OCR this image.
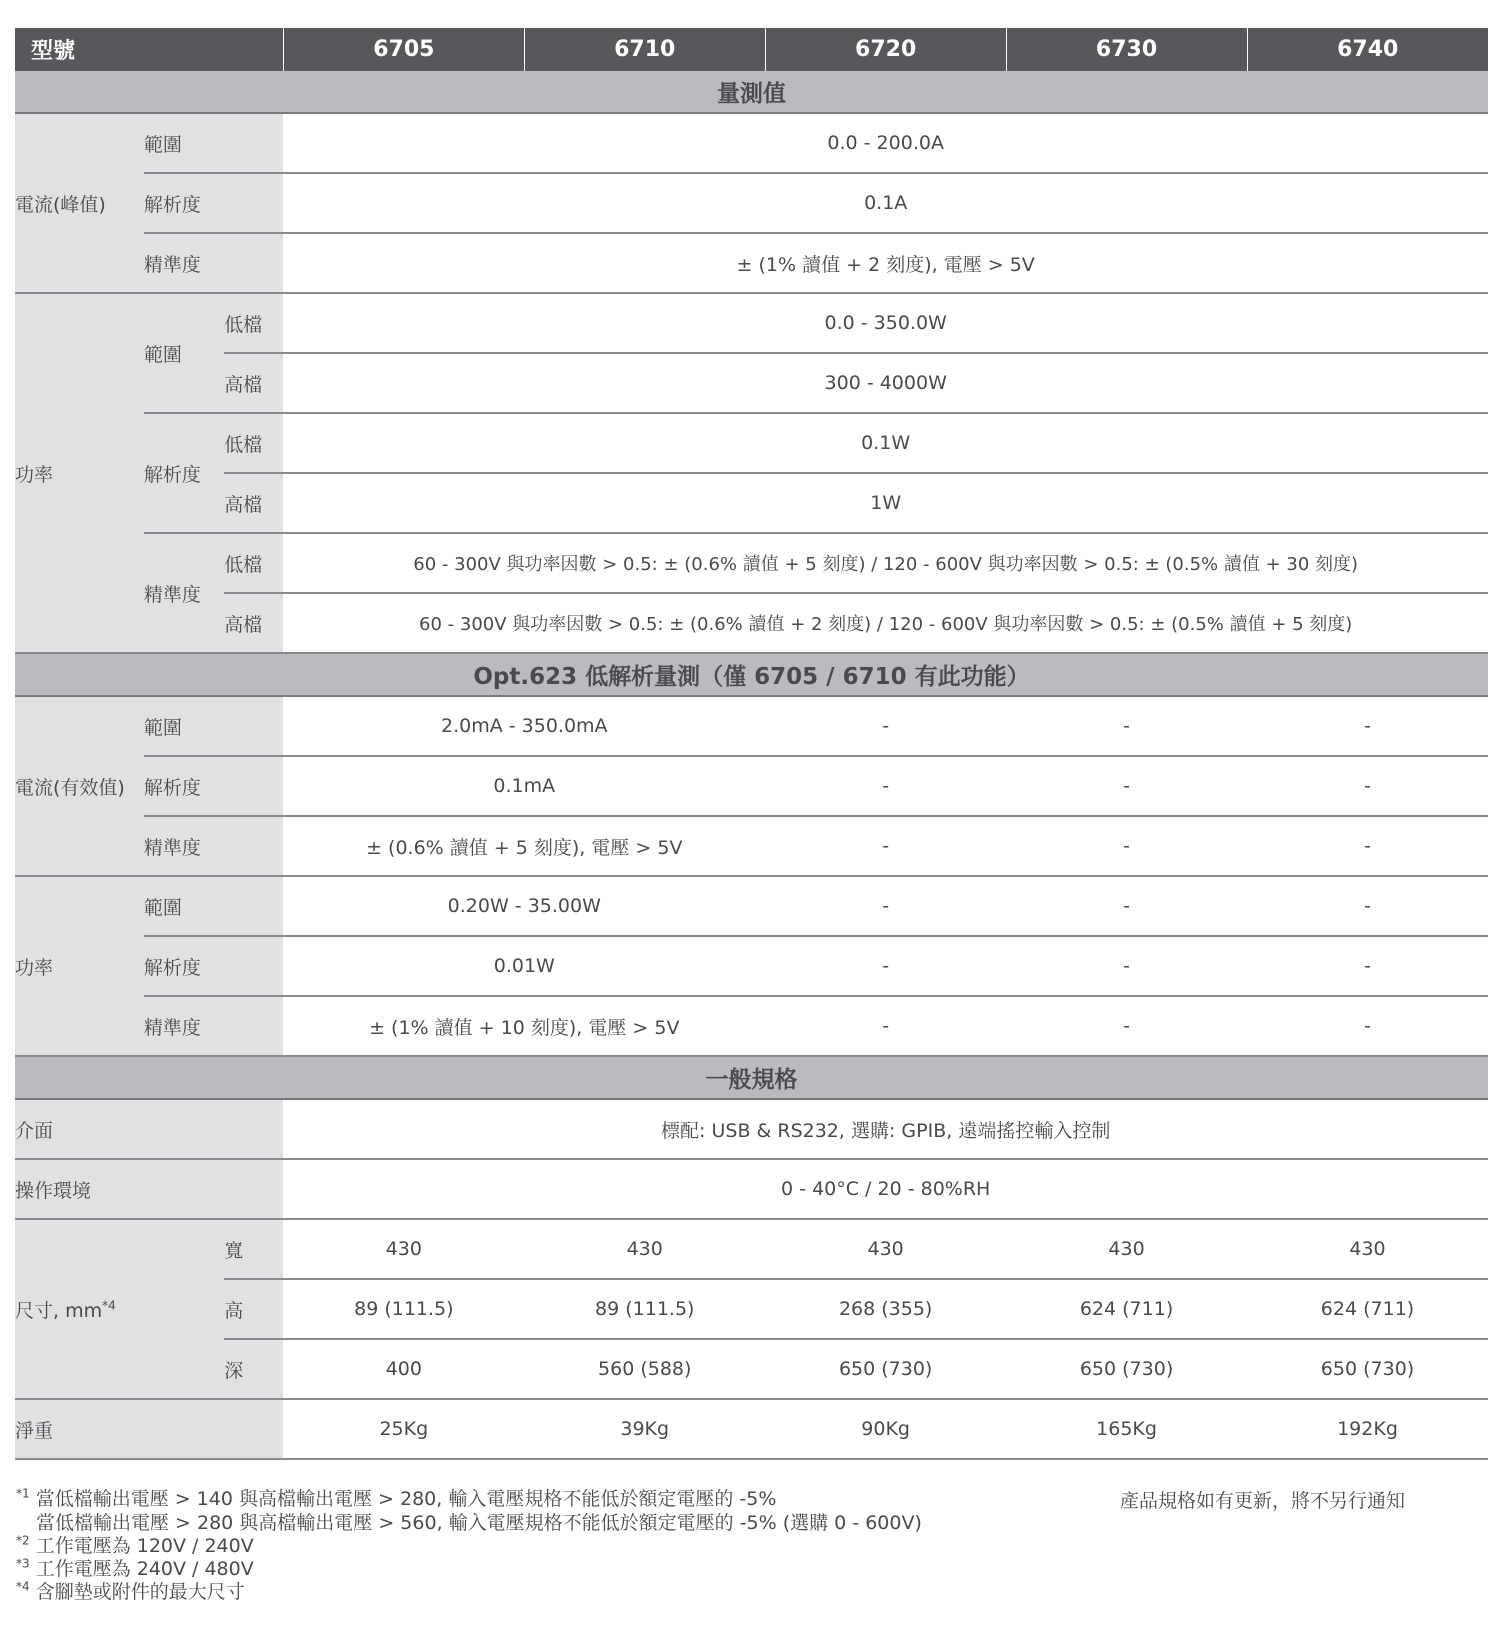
型號			6705	6710	6720	6730	6740
量測值							
電流(峰值)	範圍		0.0 - 200.0A				
	解析度		0.1A				
	精準度		± (1% 讀值 + 2 刻度), 電壓 > 5V				
功率	範圍	低檔	0.0 - 350.0W				
		高檔	300 - 4000W				
	解析度	低檔	0.1W				
		高檔	1W				
	精準度	低檔	60 - 300V 與功率因數 > 0.5: ± (0.6% 讀值 + 5 刻度) / 120 - 600V 與功率因數 > 0.5: ± (0.5% 讀值 + 30 刻度)				
		高檔	60 - 300V 與功率因數 > 0.5: ± (0.6% 讀值 + 2 刻度) / 120 - 600V 與功率因數 > 0.5: ± (0.5% 讀值 + 5 刻度)				
Opt.623 低解析量測（僅 6705 / 6710 有此功能）							
電流(有效值)	範圍		2.0mA - 350.0mA		-	-	-
	解析度		0.1mA		-	-	-
	精準度		± (0.6% 讀值 + 5 刻度), 電壓 > 5V		-	-	-
功率	範圍		0.20W - 35.00W		-	-	-
	解析度		0.01W		-	-	-
	精準度		± (1% 讀值 + 10 刻度), 電壓 > 5V		-	-	-
一般規格							
介面			標配: USB & RS232, 選購: GPIB, 遠端搖控輸入控制				
操作環境			0 - 40°C / 20 - 80%RH				
尺寸, $mm^{*4}$		寬	430	430	430	430	430
		高	89 (111.5)	89 (111.5)	268 (355)	624 (711)	624 (711)
		深	400	560 (588)	650 (730)	650 (730)	650 (730)
淨重			25Kg	39Kg	90Kg	165Kg	192Kg
$^{*1}$ 當低檔輸出電壓 > 140 與高檔輸出電壓 > 280, 輸入電壓規格不能低於額定電壓的 -5%
當低檔輸出電壓 > 280 與高檔輸出電壓 > 560, 輸入電壓規格不能低於額定電壓的 -5% (選購 0 - 600V)
$^{*2}$ 工作電壓為 120V / 240V
$^{*3}$ 工作電壓為 240V / 480V
$^{*4}$ 含腳墊或附件的最大尺寸
產品規格如有更新，將不另行通知
